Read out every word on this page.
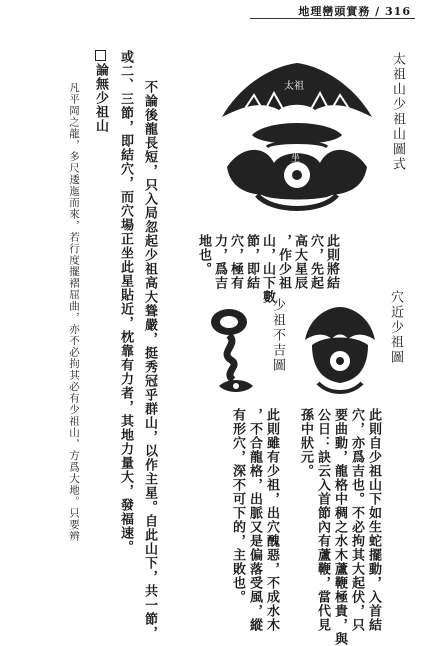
地理巒頭實務 / 316
不論後龍長短，只入局忽起少祖高大聳嚴，挺秀冠乎群山，以作主星。自此山下，共一節，
或二、三節，即結穴，而穴場正坐此星貼近，枕靠有力者，其地力量大，發福速。
論無少祖山
凡平岡之龍，多尺逶迤而來，若行度擺褶屈曲，亦不必拘其必有少祖山，方爲大地。只要辨	太祖山少祖山圖式
太祖
坐
此則將結
穴，先起
高大星辰
，作少祖
山，山下數
節，即結
穴，極有
力，爲吉
地也。
穴近少祖圖
此則自少祖山下如生蛇擺動，入首結
穴，亦爲吉也。不必拘其大起伏，只
要曲動，龍格中稠之水木蘆鞭極貴，與
公日：訣云入首節內有蘆鞭，當代見
孫中狀元。
少祖不吉圖
此則雖有少祖，出穴醜惡，不成水木
，不合龍格，出脈又是偏落受風，縱
有形穴，深不可下的，主敗也。
